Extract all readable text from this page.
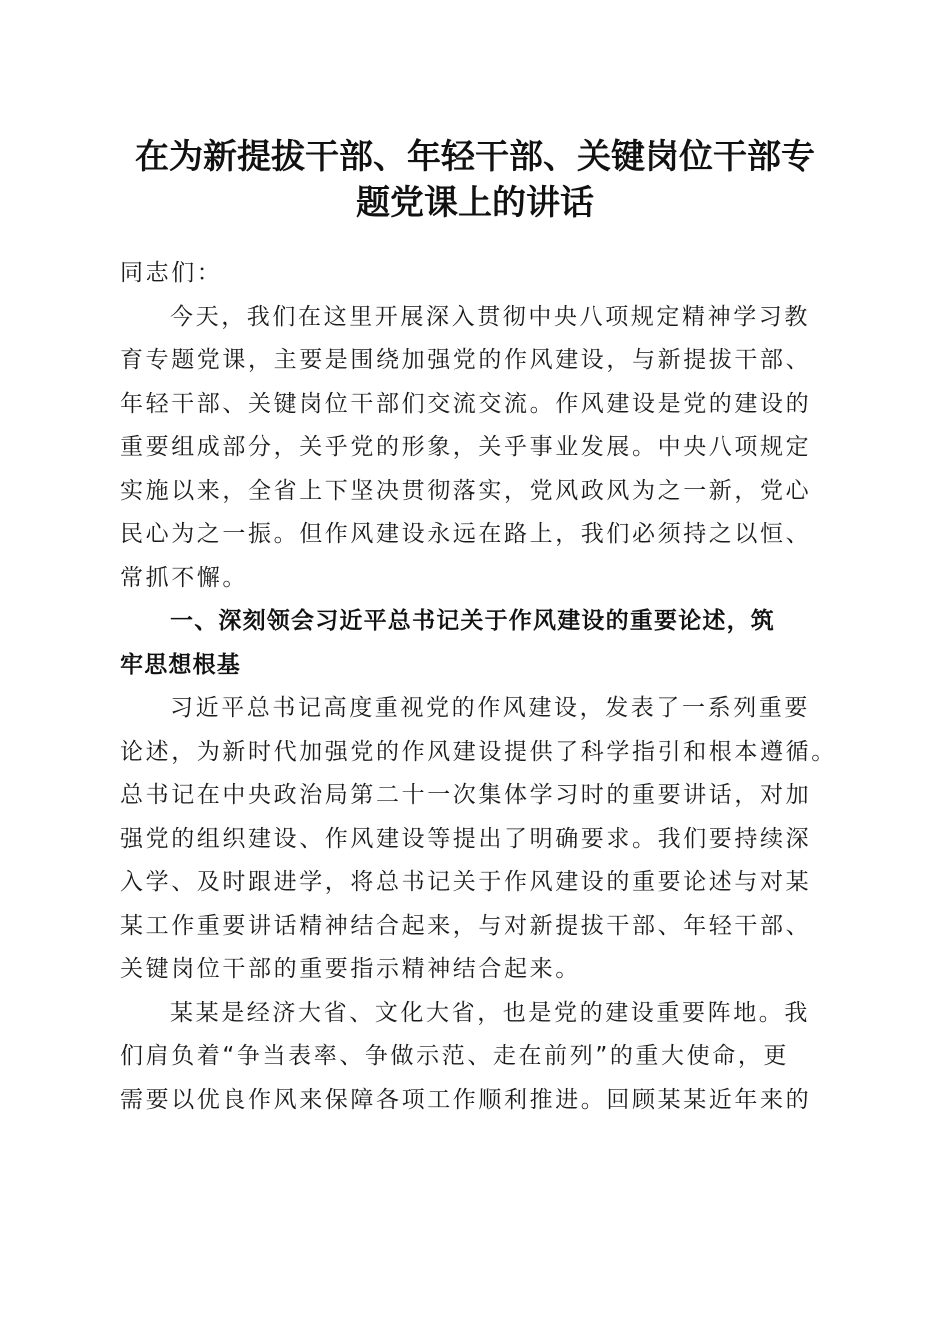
在为新提拔干部、年轻干部、关键岗位干部专
题党课上的讲话
同志们：
今天，我们在这里开展深入贯彻中央八项规定精神学习教
育专题党课，主要是围绕加强党的作风建设，与新提拔干部、
年轻干部、关键岗位干部们交流交流。作风建设是党的建设的
重要组成部分，关乎党的形象，关乎事业发展。中央八项规定
实施以来，全省上下坚决贯彻落实，党风政风为之一新，党心
民心为之一振。但作风建设永远在路上，我们必须持之以恒、
常抓不懈。
一、深刻领会习近平总书记关于作风建设的重要论述，筑
牢思想根基
习近平总书记高度重视党的作风建设，发表了一系列重要
论述，为新时代加强党的作风建设提供了科学指引和根本遵循。
总书记在中央政治局第二十一次集体学习时的重要讲话，对加
强党的组织建设、作风建设等提出了明确要求。我们要持续深
入学、及时跟进学，将总书记关于作风建设的重要论述与对某
某工作重要讲话精神结合起来，与对新提拔干部、年轻干部、
关键岗位干部的重要指示精神结合起来。
某某是经济大省、文化大省，也是党的建设重要阵地。我
们肩负着“争当表率、争做示范、走在前列”的重大使命，更
需要以优良作风来保障各项工作顺利推进。回顾某某近年来的
